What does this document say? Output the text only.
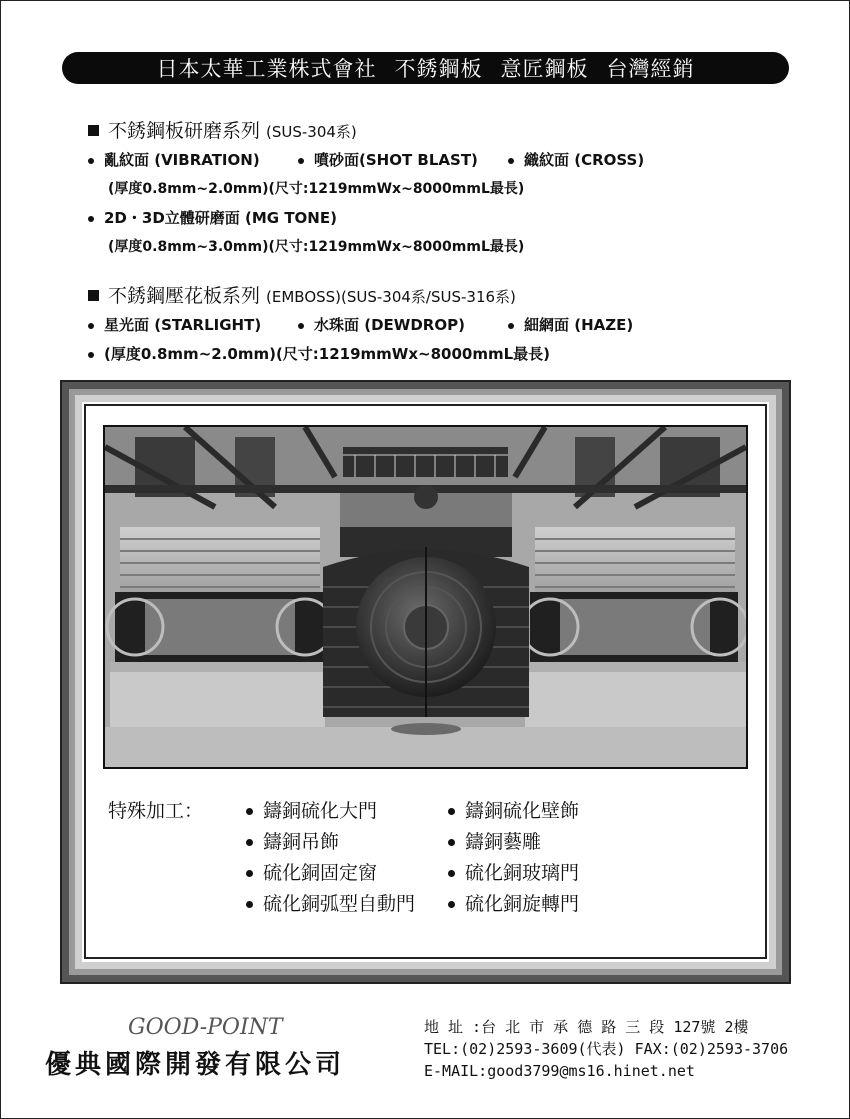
日本太華工業株式會社 不銹鋼板 意匠鋼板 台灣經銷
不銹鋼板研磨系列 (SUS-304系)
亂紋面 (VIBRATION)	噴砂面(SHOT BLAST)	織紋面 (CROSS)
(厚度0.8mm~2.0mm)(尺寸:1219mmWx~8000mmL最長)
2D・3D立體研磨面 (MG TONE)
(厚度0.8mm~3.0mm)(尺寸:1219mmWx~8000mmL最長)
不銹鋼壓花板系列 (EMBOSS)(SUS-304系/SUS-316系)
星光面 (STARLIGHT)	水珠面 (DEWDROP)	細網面 (HAZE)
(厚度0.8mm~2.0mm)(尺寸:1219mmWx~8000mmL最長)
特殊加工：	鑄銅硫化大門
鑄銅吊飾
硫化銅固定窗
硫化銅弧型自動門
鑄銅硫化壁飾
鑄銅藝雕
硫化銅玻璃門
硫化銅旋轉門
GOOD-POINT
優典國際開發有限公司
地 址 :台 北 市 承 德 路 三 段 127號 2樓
TEL:(02)2593-3609(代表) FAX:(02)2593-3706
E-MAIL:good3799@ms16.hinet.net
